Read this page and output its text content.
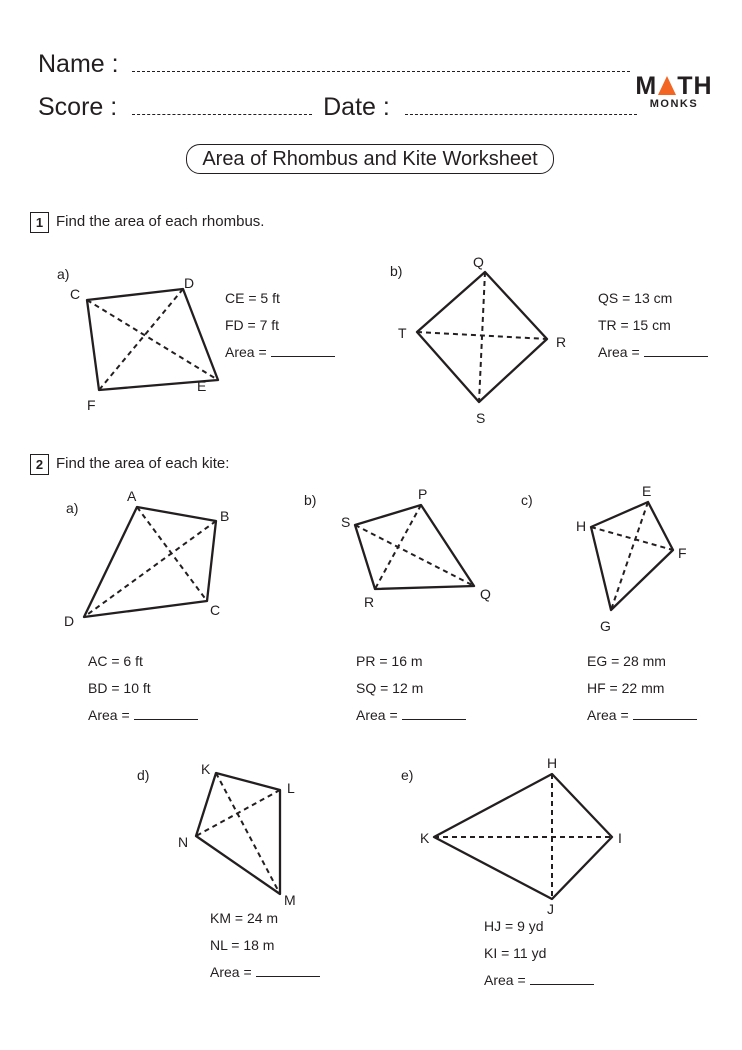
Name :
Score :	Date :
M TH
MONKS
Area of Rhombus and Kite Worksheet
1 Find the area of each rhombus.
a)
CE = 5 ft
FD = 7 ft
Area =
b)
QS = 13 cm
TR = 15 cm
Area =
2 Find the area of each kite:
a)
AC = 6 ft
BD = 10 ft
Area =
b)
PR = 16 m
SQ = 12 m
Area =
c)
EG = 28 mm
HF = 22 mm
Area =
d)
KM = 24 m
NL = 18 m
Area =
e)
HJ = 9 yd
KI = 11 yd
Area =
C
D
E
F
Q
R
S
T
A
B
C
D
P
Q
R
S
E
F
G
H
K
L
M
N
H
I
J
K
